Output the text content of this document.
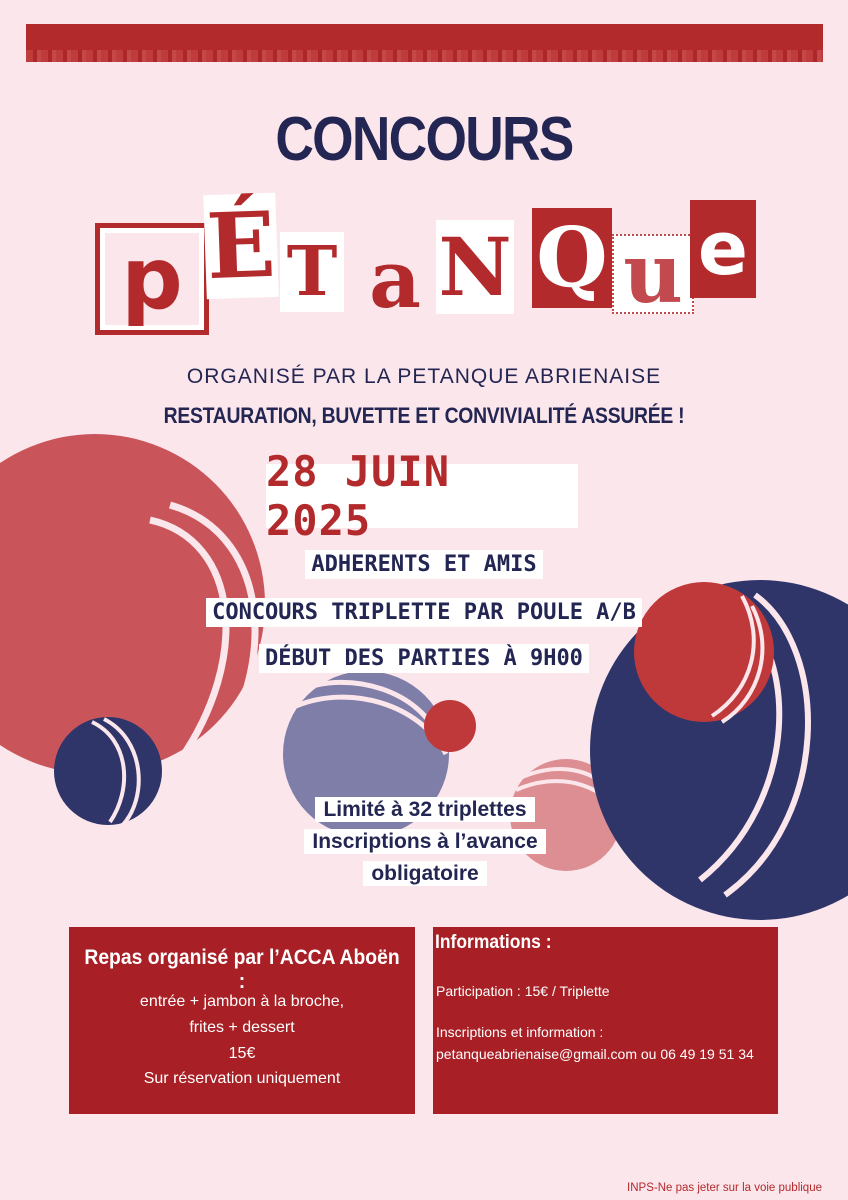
CONCOURS
p É T a N Q u e
ORGANISÉ PAR LA PETANQUE ABRIENAISE
RESTAURATION, BUVETTE ET CONVIVIALITÉ ASSURÉE !
28 JUIN 2025
ADHERENTS ET AMIS
CONCOURS TRIPLETTE PAR POULE A/B
DÉBUT DES PARTIES À 9H00
Limité à 32 triplettes
Inscriptions à l’avance
obligatoire
Repas organisé par l’ACCA Aboën :
entrée + jambon à la broche,
frites + dessert
15€
Sur réservation uniquement
Informations :
Participation : 15€ / Triplette
Inscriptions et information :
petanqueabrienaise@gmail.com ou 06 49 19 51 34
INPS-Ne pas jeter sur la voie publique
